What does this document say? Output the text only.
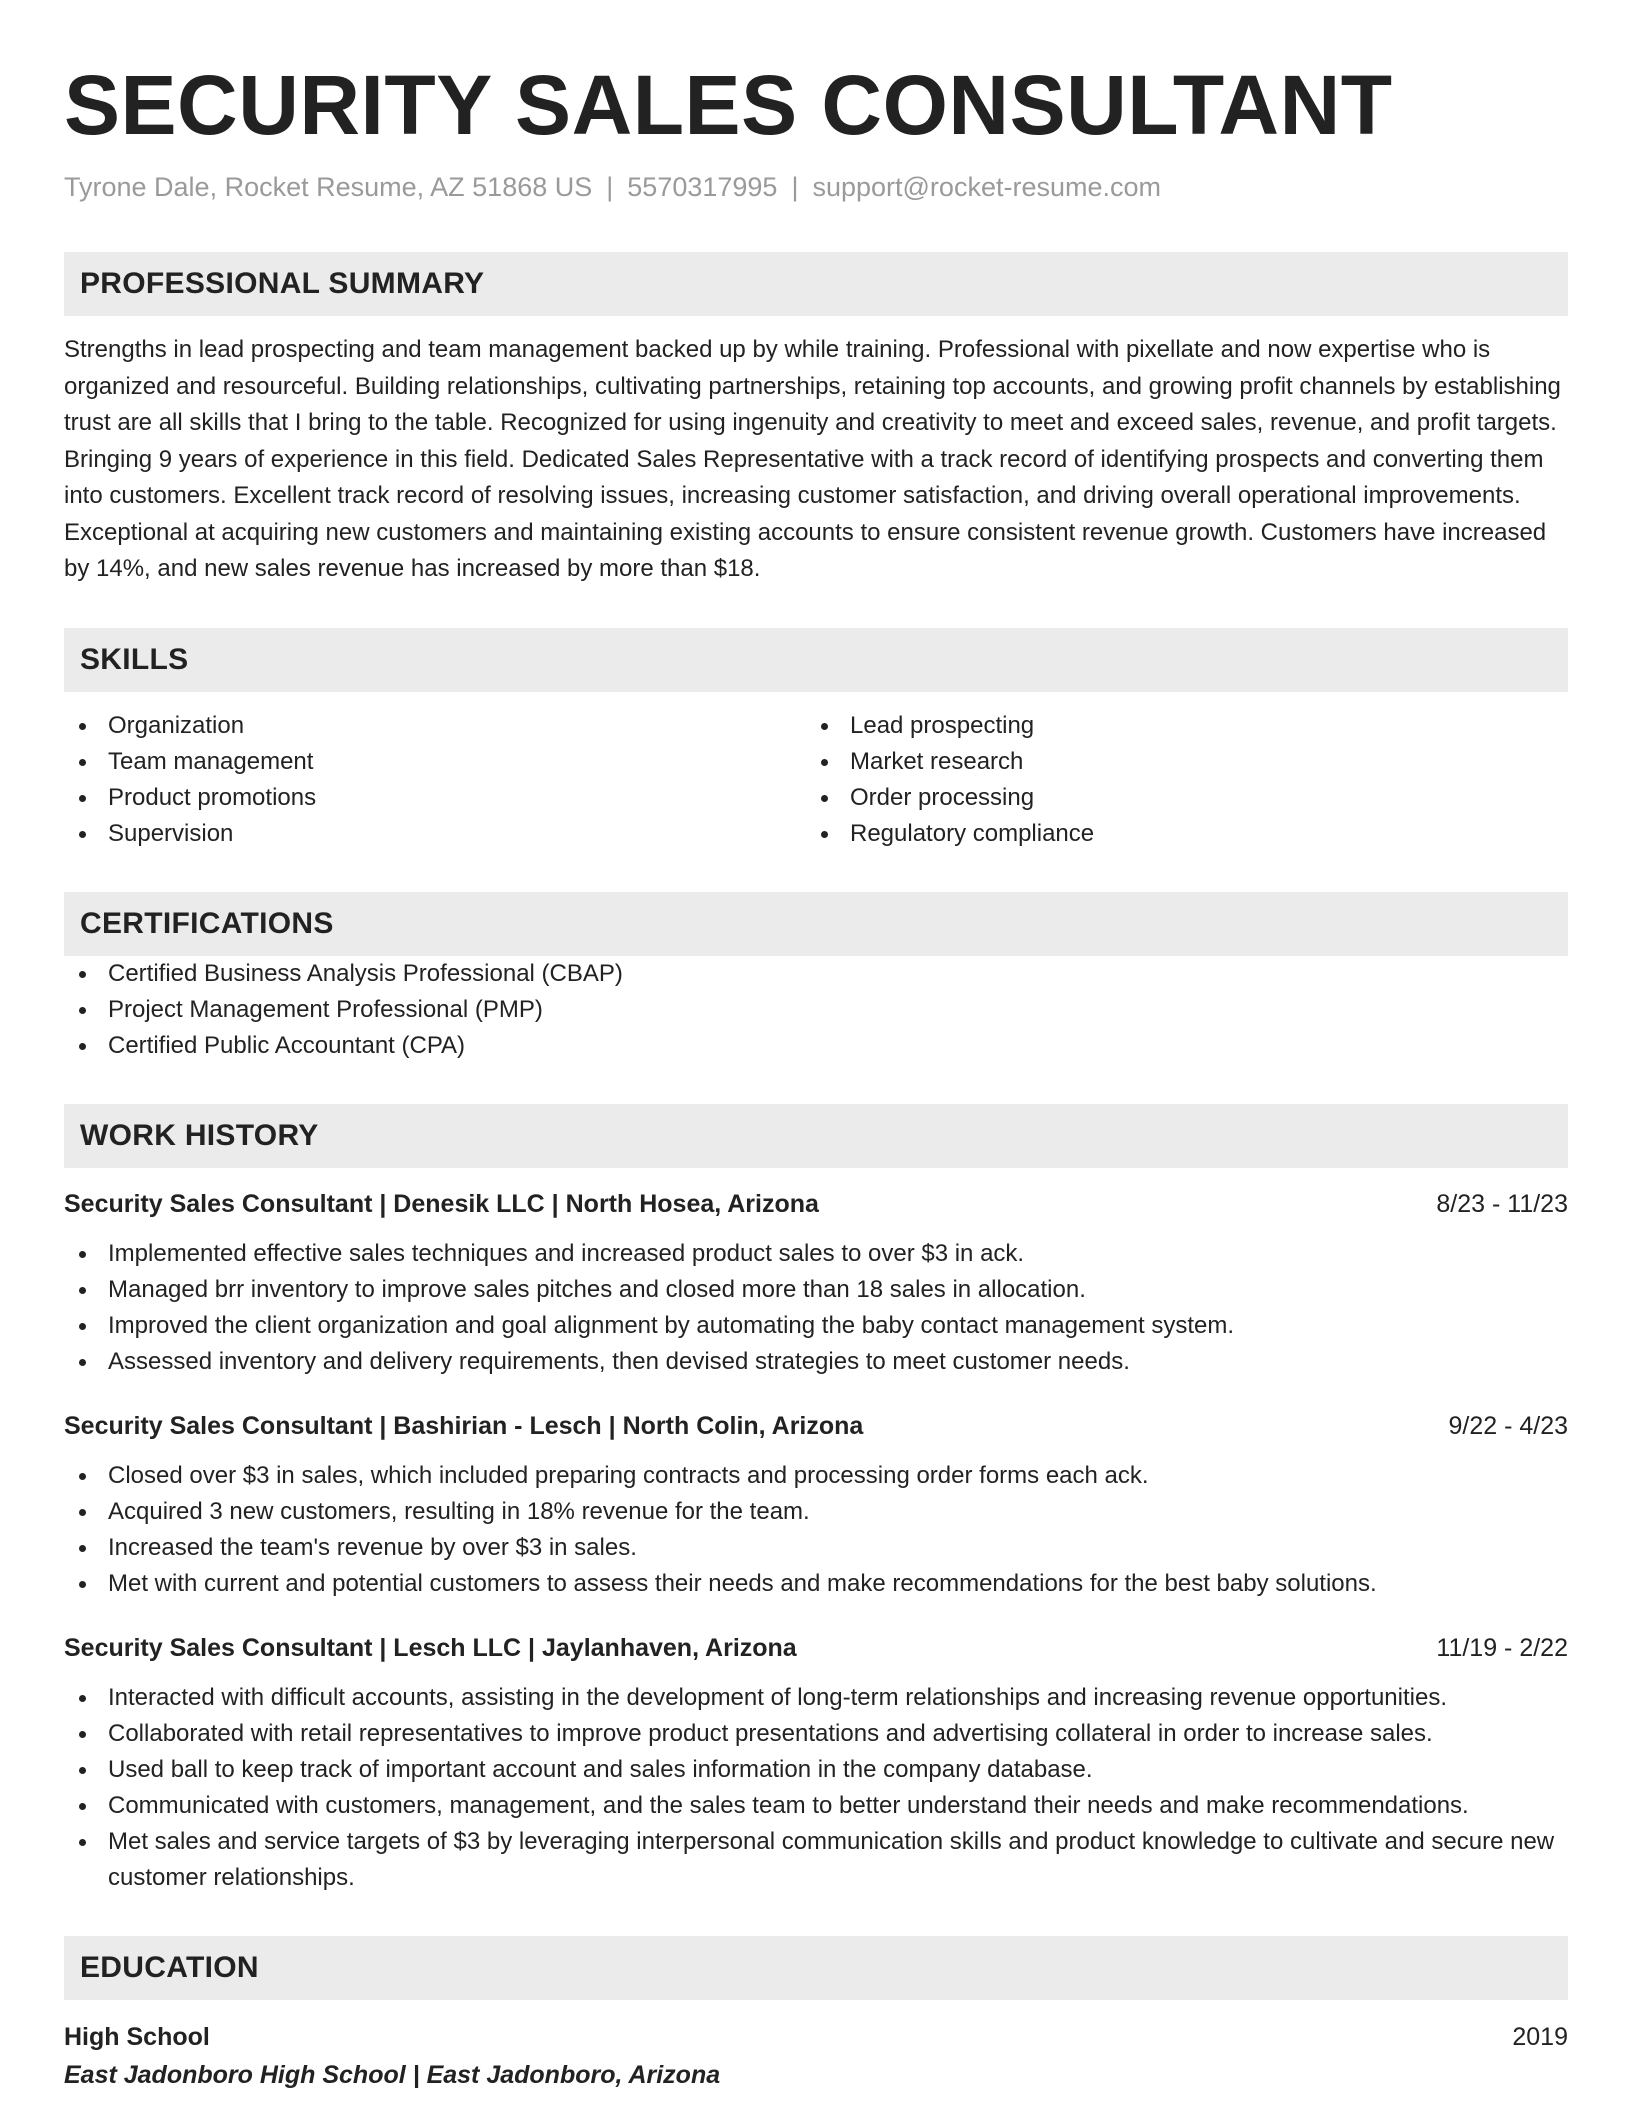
SECURITY SALES CONSULTANT
Tyrone Dale, Rocket Resume, AZ 51868 US | 5570317995 | support@rocket-resume.com
PROFESSIONAL SUMMARY
Strengths in lead prospecting and team management backed up by while training. Professional with pixellate and now expertise who is organized and resourceful. Building relationships, cultivating partnerships, retaining top accounts, and growing profit channels by establishing trust are all skills that I bring to the table. Recognized for using ingenuity and creativity to meet and exceed sales, revenue, and profit targets. Bringing 9 years of experience in this field. Dedicated Sales Representative with a track record of identifying prospects and converting them into customers. Excellent track record of resolving issues, increasing customer satisfaction, and driving overall operational improvements. Exceptional at acquiring new customers and maintaining existing accounts to ensure consistent revenue growth. Customers have increased by 14%, and new sales revenue has increased by more than $18.
SKILLS
Organization
Team management
Product promotions
Supervision
Lead prospecting
Market research
Order processing
Regulatory compliance
CERTIFICATIONS
Certified Business Analysis Professional (CBAP)
Project Management Professional (PMP)
Certified Public Accountant (CPA)
WORK HISTORY
Security Sales Consultant | Denesik LLC | North Hosea, Arizona	8/23 - 11/23
Implemented effective sales techniques and increased product sales to over $3 in ack.
Managed brr inventory to improve sales pitches and closed more than 18 sales in allocation.
Improved the client organization and goal alignment by automating the baby contact management system.
Assessed inventory and delivery requirements, then devised strategies to meet customer needs.
Security Sales Consultant | Bashirian - Lesch | North Colin, Arizona	9/22 - 4/23
Closed over $3 in sales, which included preparing contracts and processing order forms each ack.
Acquired 3 new customers, resulting in 18% revenue for the team.
Increased the team's revenue by over $3 in sales.
Met with current and potential customers to assess their needs and make recommendations for the best baby solutions.
Security Sales Consultant | Lesch LLC | Jaylanhaven, Arizona	11/19 - 2/22
Interacted with difficult accounts, assisting in the development of long-term relationships and increasing revenue opportunities.
Collaborated with retail representatives to improve product presentations and advertising collateral in order to increase sales.
Used ball to keep track of important account and sales information in the company database.
Communicated with customers, management, and the sales team to better understand their needs and make recommendations.
Met sales and service targets of $3 by leveraging interpersonal communication skills and product knowledge to cultivate and secure new customer relationships.
EDUCATION
High School	2019
East Jadonboro High School | East Jadonboro, Arizona
